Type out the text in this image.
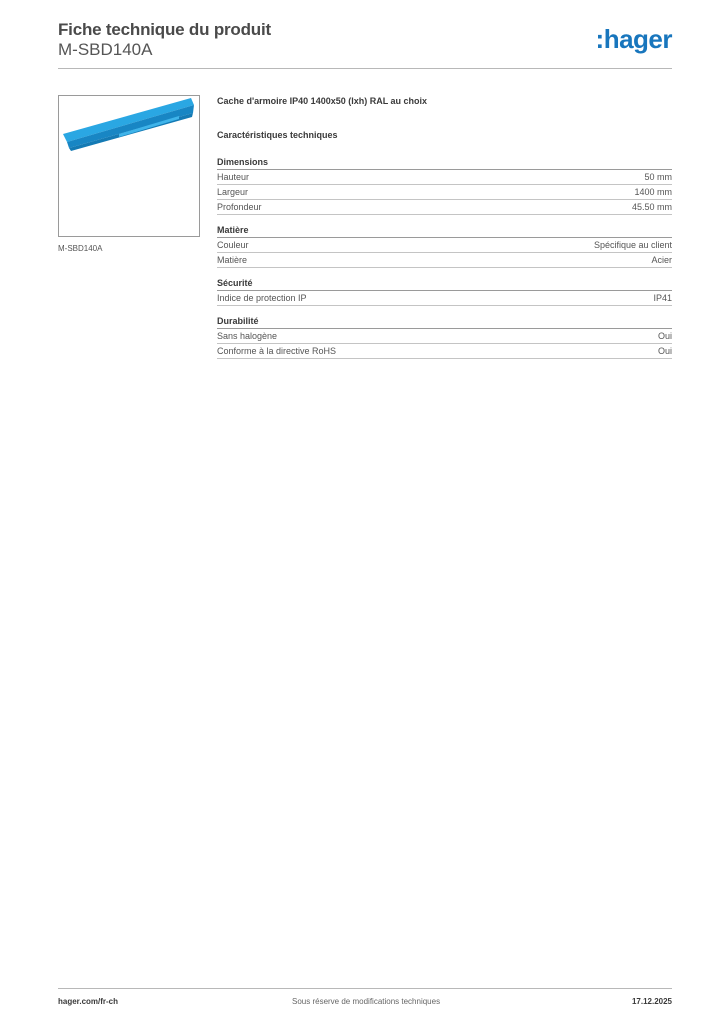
Fiche technique du produit
M-SBD140A	:hager
M-SBD140A
Cache d'armoire IP40 1400x50 (lxh) RAL au choix
Caractéristiques techniques
Dimensions
Hauteur	50 mm
Largeur	1400 mm
Profondeur	45.50 mm
Matière
Couleur	Spécifique au client
Matière	Acier
Sécurité
Indice de protection IP	IP41
Durabilité
Sans halogène	Oui
Conforme à la directive RoHS	Oui
hager.com/fr-ch	Sous réserve de modifications techniques	17.12.2025
